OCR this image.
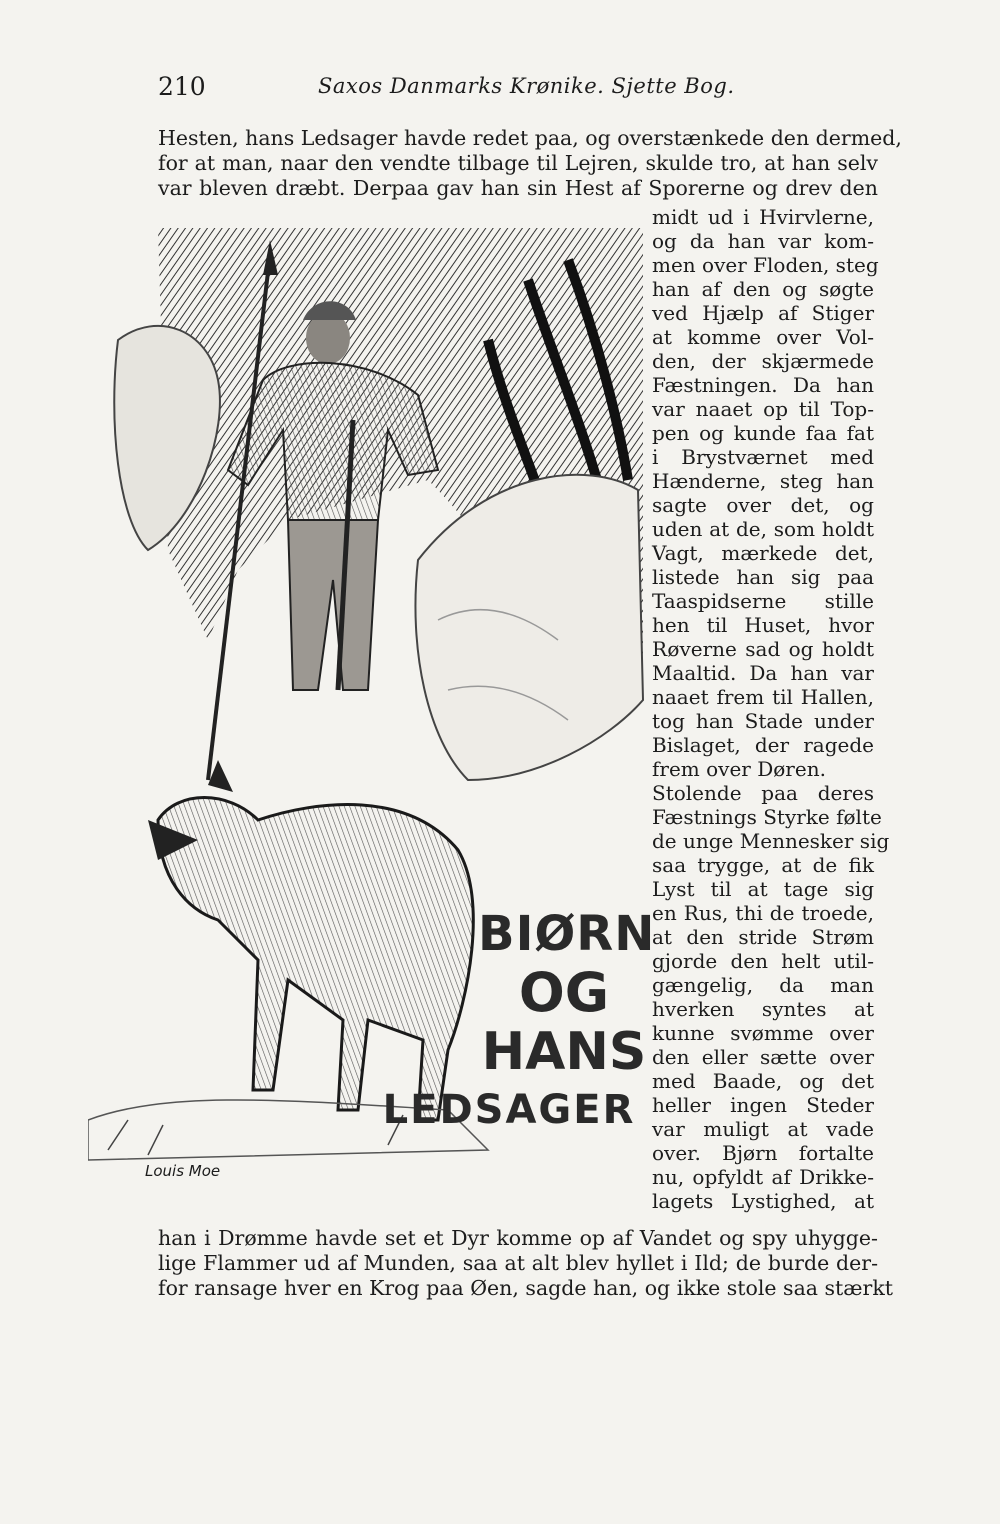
210	Saxos Danmarks Krønike. Sjette Bog.
Hesten, hans Ledsager havde redet paa, og overstænkede den dermed,
for at man, naar den vendte tilbage til Lejren, skulde tro, at han selv
var bleven dræbt. Derpaa gav han sin Hest af Sporerne og drev den
BIØRN
OG
HANS
LEDSAGER
Louis Moe
midt ud i Hvirvlerne,
og da han var kom-
men over Floden, steg
han af den og søgte
ved Hjælp af Stiger
at komme over Vol-
den, der skjærmede
Fæstningen. Da han
var naaet op til Top-
pen og kunde faa fat
i Brystværnet med
Hænderne, steg han
sagte over det, og
uden at de, som holdt
Vagt, mærkede det,
listede han sig paa
Taaspidserne stille
hen til Huset, hvor
Røverne sad og holdt
Maaltid. Da han var
naaet frem til Hallen,
tog han Stade under
Bislaget, der ragede
frem over Døren.
Stolende paa deres
Fæstnings Styrke følte
de unge Mennesker sig
saa trygge, at de fik
Lyst til at tage sig
en Rus, thi de troede,
at den stride Strøm
gjorde den helt util-
gængelig, da man
hverken syntes at
kunne svømme over
den eller sætte over
med Baade, og det
heller ingen Steder
var muligt at vade
over. Bjørn fortalte
nu, opfyldt af Drikke-
lagets Lystighed, at
han i Drømme havde set et Dyr komme op af Vandet og spy uhygge-
lige Flammer ud af Munden, saa at alt blev hyllet i Ild; de burde der-
for ransage hver en Krog paa Øen, sagde han, og ikke stole saa stærkt
